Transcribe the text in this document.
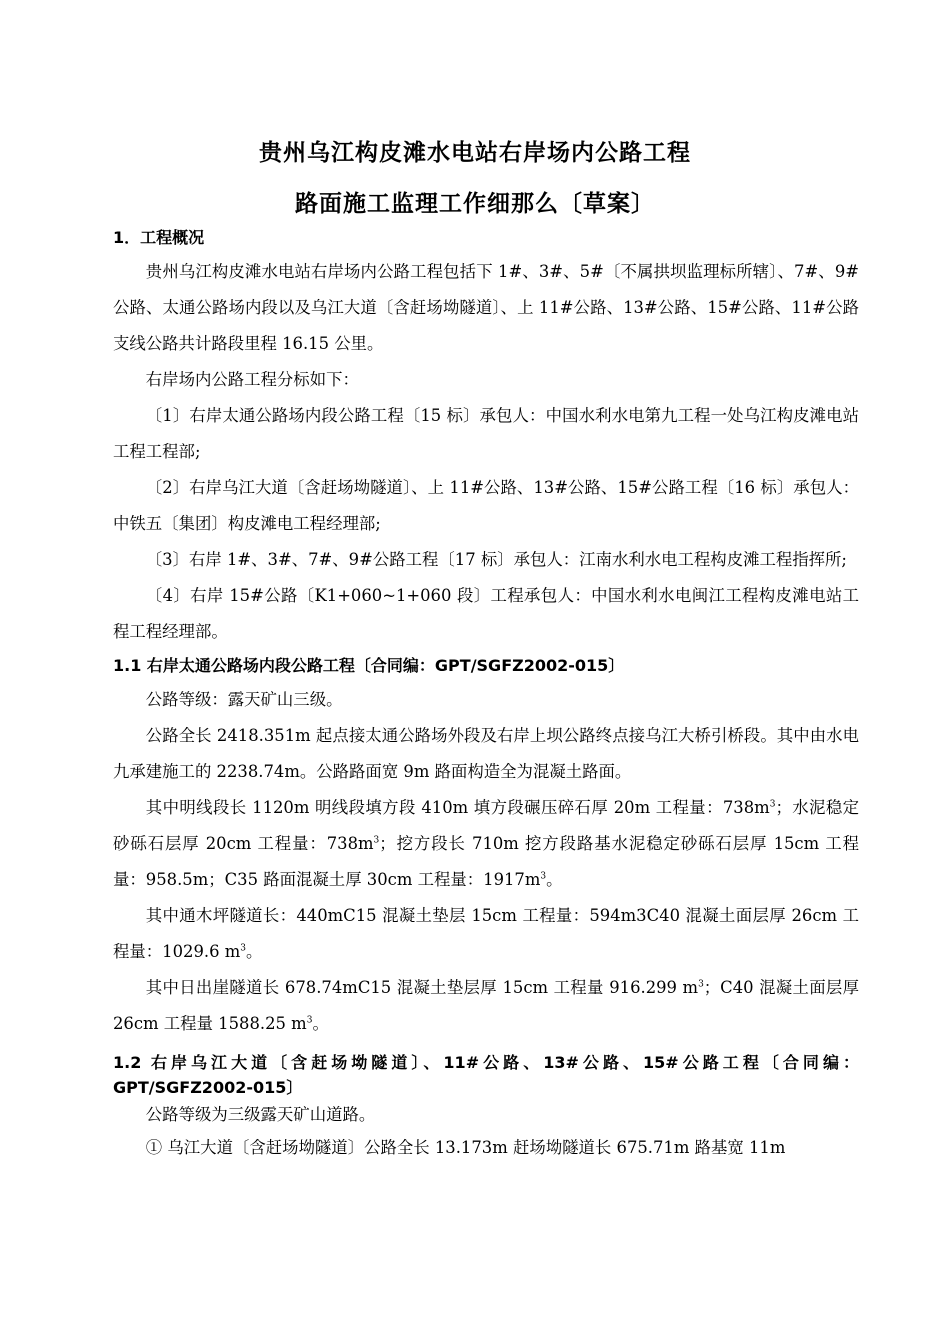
贵州乌江构皮滩水电站右岸场内公路工程
路面施工监理工作细那么〔草案〕

1．工程概况

贵州乌江构皮滩水电站右岸场内公路工程包括下 1#、3#、5#〔不属拱坝监理标所辖〕、7#、9#公路、太通公路场内段以及乌江大道〔含赶场坳隧道〕、上 11#公路、13#公路、15#公路、11#公路支线公路共计路段里程 16.15 公里。

右岸场内公路工程分标如下：

〔1〕右岸太通公路场内段公路工程〔15 标〕承包人：中国水利水电第九工程一处乌江构皮滩电站工程工程部;

〔2〕右岸乌江大道〔含赶场坳隧道〕、上 11#公路、13#公路、15#公路工程〔16 标〕承包人：中铁五〔集团〕构皮滩电工程经理部;

〔3〕右岸 1#、3#、7#、9#公路工程〔17 标〕承包人：江南水利水电工程构皮滩工程指挥所;

〔4〕右岸 15#公路〔K1+060~1+060 段〕工程承包人：中国水利水电闽江工程构皮滩电站工程工程经理部。

1.1 右岸太通公路场内段公路工程〔合同编：GPT/SGFZ2002-015〕

公路等级：露天矿山三级。

公路全长 2418.351m 起点接太通公路场外段及右岸上坝公路终点接乌江大桥引桥段。其中由水电九承建施工的 2238.74m。公路路面宽 9m 路面构造全为混凝土路面。

其中明线段长 1120m 明线段填方段 410m 填方段碾压碎石厚 20m 工程量：$738m^3$；水泥稳定砂砾石层厚 20cm 工程量：$738m^3$；挖方段长 710m 挖方段路基水泥稳定砂砾石层厚 15cm 工程量：958.5m；C35 路面混凝土厚 30cm 工程量：$1917m^3$。

其中通木坪隧道长：440mC15 混凝土垫层 15cm 工程量：594m3C40 混凝土面层厚 26cm 工程量：1029.6 $m^3$。

其中日出崖隧道长 678.74mC15 混凝土垫层厚 15cm 工程量 916.299 $m^3$；C40 混凝土面层厚 26cm 工程量 1588.25 $m^3$。

1.2 右岸乌江大道〔含赶场坳隧道〕、11#公路、13#公路、15#公路工程〔合同编：GPT/SGFZ2002-015〕

公路等级为三级露天矿山道路。

① 乌江大道〔含赶场坳隧道〕公路全长 13.173m 赶场坳隧道长 675.71m 路基宽 11m
